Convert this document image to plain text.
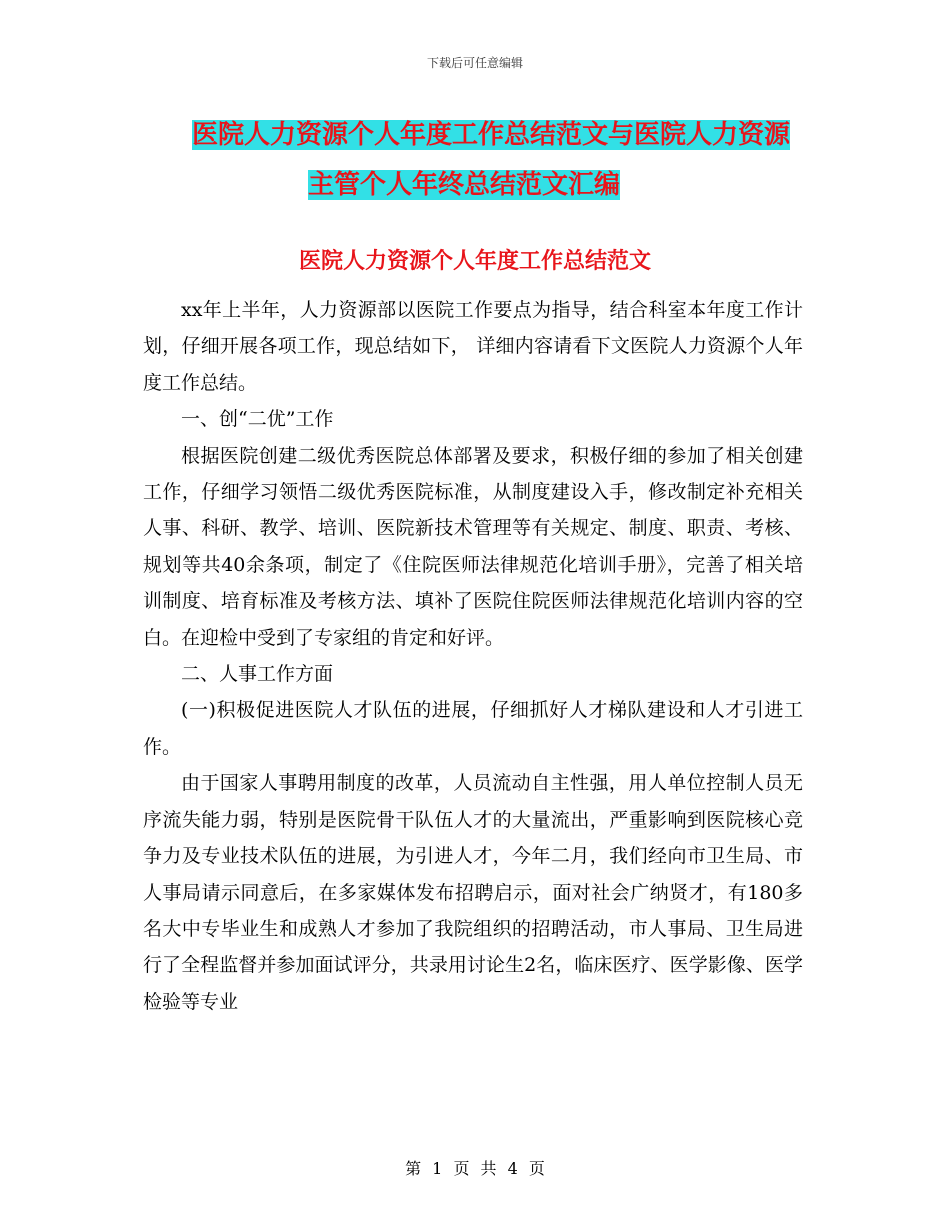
下载后可任意编辑
医院人力资源个人年度工作总结范文与医院人力资源
主管个人年终总结范文汇编
医院人力资源个人年度工作总结范文

xx年上半年，人力资源部以医院工作要点为指导，结合科室本年度工作计划，仔细开展各项工作，现总结如下， 详细内容请看下文医院人力资源个人年度工作总结。

一、创“二优”工作

根据医院创建二级优秀医院总体部署及要求，积极仔细的参加了相关创建工作，仔细学习领悟二级优秀医院标准，从制度建设入手，修改制定补充相关人事、科研、教学、培训、医院新技术管理等有关规定、制度、职责、考核、规划等共40余条项，制定了《住院医师法律规范化培训手册》，完善了相关培训制度、培育标准及考核方法、填补了医院住院医师法律规范化培训内容的空白。在迎检中受到了专家组的肯定和好评。

二、人事工作方面

(一)积极促进医院人才队伍的进展，仔细抓好人才梯队建设和人才引进工作。

由于国家人事聘用制度的改革，人员流动自主性强，用人单位控制人员无序流失能力弱，特别是医院骨干队伍人才的大量流出，严重影响到医院核心竞争力及专业技术队伍的进展，为引进人才，今年二月，我们经向市卫生局、市人事局请示同意后，在多家媒体发布招聘启示，面对社会广纳贤才，有180多名大中专毕业生和成熟人才参加了我院组织的招聘活动，市人事局、卫生局进行了全程监督并参加面试评分，共录用讨论生2名，临床医疗、医学影像、医学检验等专业

第 1 页 共 4 页
